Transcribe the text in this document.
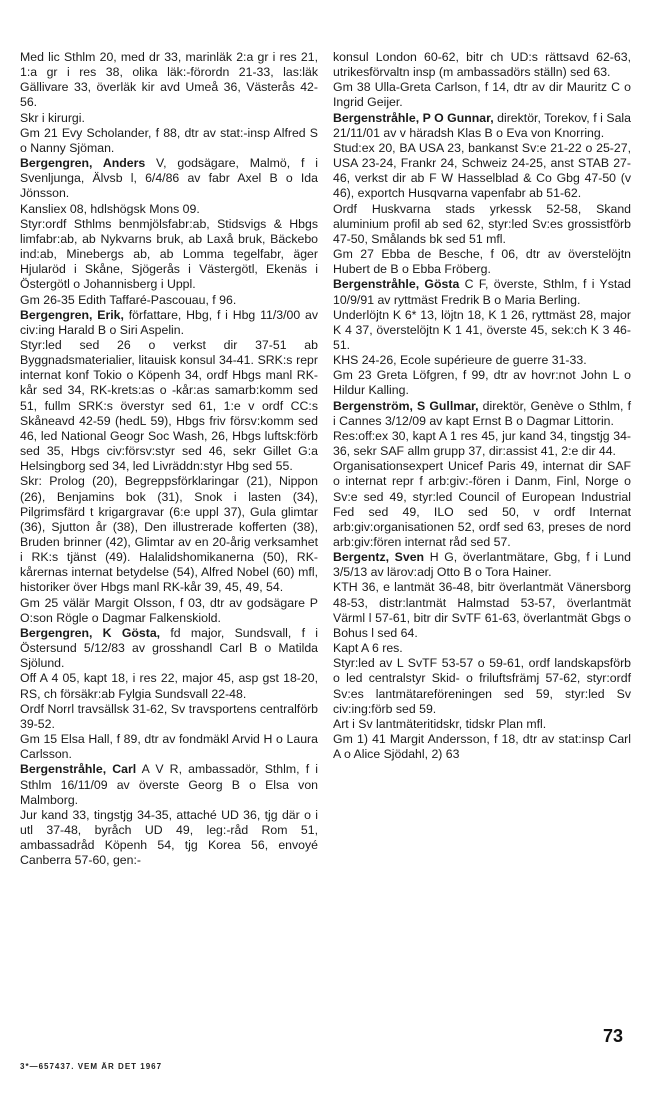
Med lic Sthlm 20, med dr 33, marinläk 2:a gr i res 21, 1:a gr i res 38, olika läk:-förordn 21-33, las:läk Gällivare 33, överläk kir avd Umeå 36, Västerås 42-56.

Skr i kirurgi.

Gm 21 Evy Scholander, f 88, dtr av stat:-insp Alfred S o Nanny Sjöman.

Bergengren, Anders V, godsägare, Malmö, f i Svenljunga, Älvsb l, 6/4/86 av fabr Axel B o Ida Jönsson.

Kansliex 08, hdlshögsk Mons 09.

Styr:ordf Sthlms benmjölsfabr:ab, Stidsvigs & Hbgs limfabr:ab, ab Nykvarns bruk, ab Laxå bruk, Bäckebo ind:ab, Minebergs ab, ab Lomma tegelfabr, äger Hjularöd i Skåne, Sjögerås i Västergötl, Ekenäs i Östergötl o Johannisberg i Uppl.

Gm 26-35 Edith Taffaré-Pascouau, f 96.

Bergengren, Erik, författare, Hbg, f i Hbg 11/3/00 av civ:ing Harald B o Siri Aspelin.

Styr:led sed 26 o verkst dir 37-51 ab Byggnadsmaterialier, litauisk konsul 34-41. SRK:s repr internat konf Tokio o Köpenh 34, ordf Hbgs manl RK-kår sed 34, RK-krets:as o -kår:as samarb:komm sed 51, fullm SRK:s överstyr sed 61, 1:e v ordf CC:s Skåneavd 42-59 (hedL 59), Hbgs friv försv:komm sed 46, led National Geogr Soc Wash, 26, Hbgs luftsk:förb sed 35, Hbgs civ:försv:styr sed 46, sekr Gillet G:a Helsingborg sed 34, led Livräddn:styr Hbg sed 55.

Skr: Prolog (20), Begreppsförklaringar (21), Nippon (26), Benjamins bok (31), Snok i lasten (34), Pilgrimsfärd t krigargravar (6:e uppl 37), Gula glimtar (36), Sjutton år (38), Den illustrerade kofferten (38), Bruden brinner (42), Glimtar av en 20-årig verksamhet i RK:s tjänst (49). Halalidshomikanerna (50), RK-kårernas internat betydelse (54), Alfred Nobel (60) mfl, historiker över Hbgs manl RK-kår 39, 45, 49, 54.

Gm 25 välär Margit Olsson, f 03, dtr av godsägare P O:son Rögle o Dagmar Falkenskiold.

Bergengren, K Gösta, fd major, Sundsvall, f i Östersund 5/12/83 av grosshandl Carl B o Matilda Sjölund.

Off A 4 05, kapt 18, i res 22, major 45, asp gst 18-20, RS, ch försäkr:ab Fylgia Sundsvall 22-48.

Ordf Norrl travsällsk 31-62, Sv travsportens centralförb 39-52.

Gm 15 Elsa Hall, f 89, dtr av fondmäkl Arvid H o Laura Carlsson.

Bergenstråhle, Carl A V R, ambassadör, Sthlm, f i Sthlm 16/11/09 av överste Georg B o Elsa von Malmborg.

Jur kand 33, tingstjg 34-35, attaché UD 36, tjg där o i utl 37-48, byråch UD 49, leg:-råd Rom 51, ambassadråd Köpenh 54, tjg Korea 56, envoyé Canberra 57-60, gen:-

konsul London 60-62, bitr ch UD:s rättsavd 62-63, utrikesförvaltn insp (m ambassadörs ställn) sed 63.

Gm 38 Ulla-Greta Carlson, f 14, dtr av dir Mauritz C o Ingrid Geijer.

Bergenstråhle, P O Gunnar, direktör, Torekov, f i Sala 21/11/01 av v häradsh Klas B o Eva von Knorring.

Stud:ex 20, BA USA 23, bankanst Sv:e 21-22 o 25-27, USA 23-24, Frankr 24, Schweiz 24-25, anst STAB 27-46, verkst dir ab F W Hasselblad & Co Gbg 47-50 (v 46), exportch Husqvarna vapenfabr ab 51-62.

Ordf Huskvarna stads yrkessk 52-58, Skand aluminium profil ab sed 62, styr:led Sv:es grossistförb 47-50, Smålands bk sed 51 mfl.

Gm 27 Ebba de Besche, f 06, dtr av överstelöjtn Hubert de B o Ebba Fröberg.

Bergenstråhle, Gösta C F, överste, Sthlm, f i Ystad 10/9/91 av ryttmäst Fredrik B o Maria Berling.

Underlöjtn K 6* 13, löjtn 18, K 1 26, ryttmäst 28, major K 4 37, överstelöjtn K 1 41, överste 45, sek:ch K 3 46-51.

KHS 24-26, Ecole supérieure de guerre 31-33.

Gm 23 Greta Löfgren, f 99, dtr av hovr:not John L o Hildur Kalling.

Bergenström, S Gullmar, direktör, Genève o Sthlm, f i Cannes 3/12/09 av kapt Ernst B o Dagmar Littorin.

Res:off:ex 30, kapt A 1 res 45, jur kand 34, tingstjg 34-36, sekr SAF allm grupp 37, dir:assist 41, 2:e dir 44.

Organisationsexpert Unicef Paris 49, internat dir SAF o internat repr f arb:giv:-fören i Danm, Finl, Norge o Sv:e sed 49, styr:led Council of European Industrial Fed sed 49, ILO sed 50, v ordf Internat arb:giv:organisationen 52, ordf sed 63, preses de nord arb:giv:fören internat råd sed 57.

Bergentz, Sven H G, överlantmätare, Gbg, f i Lund 3/5/13 av lärov:adj Otto B o Tora Hainer.

KTH 36, e lantmät 36-48, bitr överlantmät Vänersborg 48-53, distr:lantmät Halmstad 53-57, överlantmät Värml l 57-61, bitr dir SvTF 61-63, överlantmät Gbgs o Bohus l sed 64.

Kapt A 6 res.

Styr:led av L SvTF 53-57 o 59-61, ordf landskapsförb o led centralstyr Skid- o friluftsfrämj 57-62, styr:ordf Sv:es lantmätareföreningen sed 59, styr:led Sv civ:ing:förb sed 59.

Art i Sv lantmäteritidskr, tidskr Plan mfl.

Gm 1) 41 Margit Andersson, f 18, dtr av stat:insp Carl A o Alice Sjödahl, 2) 63

3*—657437. VEM ÄR DET 1967
73
